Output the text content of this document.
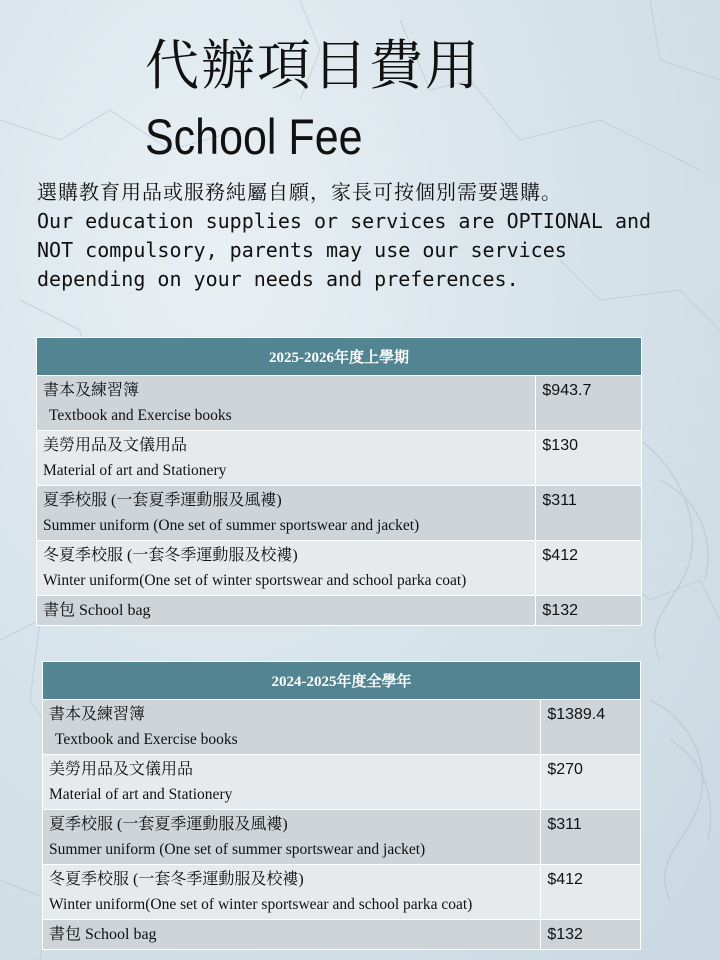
代辦項目費用
School Fee

選購教育用品或服務純屬自願，家長可按個別需要選購。

Our education supplies or services are OPTIONAL and

NOT compulsory, parents may use our services

depending on your needs and preferences.

2025-2026年度上學期	

書本及練習簿
Textbook and Exercise books	$943.7

美勞用品及文儀用品
Material of art and Stationery	$130

夏季校服 (一套夏季運動服及風褸)
Summer uniform (One set of summer sportswear and jacket)	$311

冬夏季校服 (一套冬季運動服及校褸)
Winter uniform(One set of winter sportswear and school parka coat)	$412

書包 School bag	$132
2024-2025年度全學年	

書本及練習簿
Textbook and Exercise books	$1389.4

美勞用品及文儀用品
Material of art and Stationery	$270

夏季校服 (一套夏季運動服及風褸)
Summer uniform (One set of summer sportswear and jacket)	$311

冬夏季校服 (一套冬季運動服及校褸)
Winter uniform(One set of winter sportswear and school parka coat)	$412

書包 School bag	$132
